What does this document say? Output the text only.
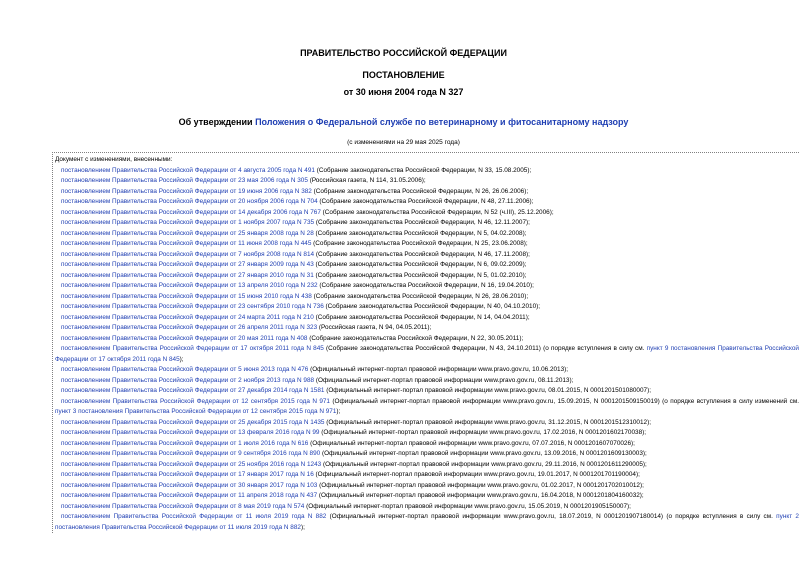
ПРАВИТЕЛЬСТВО РОССИЙСКОЙ ФЕДЕРАЦИИ
ПОСТАНОВЛЕНИЕ
от 30 июня 2004 года N 327
Об утверждении Положения о Федеральной службе по ветеринарному и фитосанитарному надзору
(с изменениями на 29 мая 2025 года)

Документ с изменениями, внесенными:

постановлением Правительства Российской Федерации от 4 августа 2005 года N 491 (Собрание законодательства Российской Федерации, N 33, 15.08.2005);

постановлением Правительства Российской Федерации от 23 мая 2006 года N 305 (Российская газета, N 114, 31.05.2006);

постановлением Правительства Российской Федерации от 19 июня 2006 года N 382 (Собрание законодательства Российской Федерации, N 26, 26.06.2006);

постановлением Правительства Российской Федерации от 20 ноября 2006 года N 704 (Собрание законодательства Российской Федерации, N 48, 27.11.2006);

постановлением Правительства Российской Федерации от 14 декабря 2006 года N 767 (Собрание законодательства Российской Федерации, N 52 (ч.III), 25.12.2006);

постановлением Правительства Российской Федерации от 1 ноября 2007 года N 735 (Собрание законодательства Российской Федерации, N 46, 12.11.2007);

постановлением Правительства Российской Федерации от 25 января 2008 года N 28 (Собрание законодательства Российской Федерации, N 5, 04.02.2008);

постановлением Правительства Российской Федерации от 11 июня 2008 года N 445 (Собрание законодательства Российской Федерации, N 25, 23.06.2008);

постановлением Правительства Российской Федерации от 7 ноября 2008 года N 814 (Собрание законодательства Российской Федерации, N 46, 17.11.2008);

постановлением Правительства Российской Федерации от 27 января 2009 года N 43 (Собрание законодательства Российской Федерации, N 6, 09.02.2009);

постановлением Правительства Российской Федерации от 27 января 2010 года N 31 (Собрание законодательства Российской Федерации, N 5, 01.02.2010);

постановлением Правительства Российской Федерации от 13 апреля 2010 года N 232 (Собрание законодательства Российской Федерации, N 16, 19.04.2010);

постановлением Правительства Российской Федерации от 15 июня 2010 года N 438 (Собрание законодательства Российской Федерации, N 26, 28.06.2010);

постановлением Правительства Российской Федерации от 23 сентября 2010 года N 736 (Собрание законодательства Российской Федерации, N 40, 04.10.2010);

постановлением Правительства Российской Федерации от 24 марта 2011 года N 210 (Собрание законодательства Российской Федерации, N 14, 04.04.2011);

постановлением Правительства Российской Федерации от 26 апреля 2011 года N 323 (Российская газета, N 94, 04.05.2011);

постановлением Правительства Российской Федерации от 20 мая 2011 года N 408 (Собрание законодательства Российской Федерации, N 22, 30.05.2011);

постановлением Правительства Российской Федерации от 17 октября 2011 года N 845 (Собрание законодательства Российской Федерации, N 43, 24.10.2011) (о порядке вступления в силу см. пункт 9 постановления Правительства Российской Федерации от 17 октября 2011 года N 845);

постановлением Правительства Российской Федерации от 5 июня 2013 года N 476 (Официальный интернет-портал правовой информации www.pravo.gov.ru, 10.06.2013);

постановлением Правительства Российской Федерации от 2 ноября 2013 года N 988 (Официальный интернет-портал правовой информации www.pravo.gov.ru, 08.11.2013);

постановлением Правительства Российской Федерации от 27 декабря 2014 года N 1581 (Официальный интернет-портал правовой информации www.pravo.gov.ru, 08.01.2015, N 0001201501080007);

постановлением Правительства Российской Федерации от 12 сентября 2015 года N 971 (Официальный интернет-портал правовой информации www.pravo.gov.ru, 15.09.2015, N 0001201509150019) (о порядке вступления в силу изменений см. пункт 3 постановления Правительства Российской Федерации от 12 сентября 2015 года N 971);

постановлением Правительства Российской Федерации от 25 декабря 2015 года N 1435 (Официальный интернет-портал правовой информации www.pravo.gov.ru, 31.12.2015, N 0001201512310012);

постановлением Правительства Российской Федерации от 13 февраля 2016 года N 99 (Официальный интернет-портал правовой информации www.pravo.gov.ru, 17.02.2016, N 0001201602170038);

постановлением Правительства Российской Федерации от 1 июля 2016 года N 616 (Официальный интернет-портал правовой информации www.pravo.gov.ru, 07.07.2016, N 0001201607070026);

постановлением Правительства Российской Федерации от 9 сентября 2016 года N 890 (Официальный интернет-портал правовой информации www.pravo.gov.ru, 13.09.2016, N 0001201609130003);

постановлением Правительства Российской Федерации от 25 ноября 2016 года N 1243 (Официальный интернет-портал правовой информации www.pravo.gov.ru, 29.11.2016, N 0001201611290005);

постановлением Правительства Российской Федерации от 17 января 2017 года N 16 (Официальный интернет-портал правовой информации www.pravo.gov.ru, 19.01.2017, N 0001201701190004);

постановлением Правительства Российской Федерации от 30 января 2017 года N 103 (Официальный интернет-портал правовой информации www.pravo.gov.ru, 01.02.2017, N 0001201702010012);

постановлением Правительства Российской Федерации от 11 апреля 2018 года N 437 (Официальный интернет-портал правовой информации www.pravo.gov.ru, 16.04.2018, N 0001201804160032);

постановлением Правительства Российской Федерации от 8 мая 2019 года N 574 (Официальный интернет-портал правовой информации www.pravo.gov.ru, 15.05.2019, N 0001201905150007);

постановлением Правительства Российской Федерации от 11 июля 2019 года N 882 (Официальный интернет-портал правовой информации www.pravo.gov.ru, 18.07.2019, N 0001201907180014) (о порядке вступления в силу см. пункт 2 постановления Правительства Российской Федерации от 11 июля 2019 года N 882);
